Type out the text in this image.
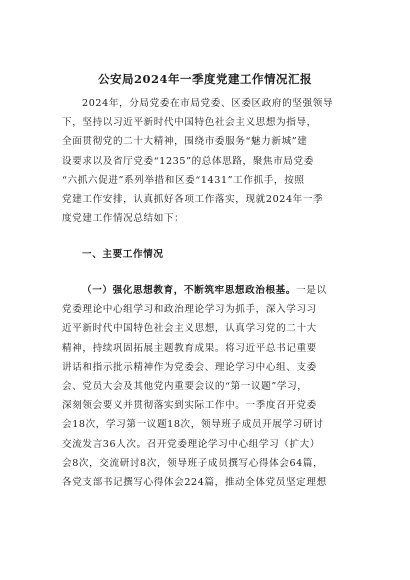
公安局2024年一季度党建工作情况汇报
2024年，分局党委在市局党委、区委区政府的坚强领导
下，坚持以习近平新时代中国特色社会主义思想为指导，
全面贯彻党的二十大精神，围绕市委服务“魅力新城”建
设要求以及省厅党委“1235”的总体思路，聚焦市局党委
“六抓六促进”系列举措和区委“1431”工作抓手，按照
党建工作安排，认真抓好各项工作落实，现就2024年一季
度党建工作情况总结如下：
一、主要工作情况
（一）强化思想教育，不断筑牢思想政治根基。一是以
党委理论中心组学习和政治理论学习为抓手，深入学习习
近平新时代中国特色社会主义思想，认真学习党的二十大
精神，持续巩固拓展主题教育成果。将习近平总书记重要
讲话和指示批示精神作为党委会、理论学习中心组、支委
会、党员大会及其他党内重要会议的“第一议题”学习，
深刻领会要义并贯彻落实到实际工作中。一季度召开党委
会18次，学习第一议题18次，领导班子成员开展学习研讨
交流发言36人次。召开党委理论学习中心组学习（扩大）
会8次，交流研讨8次，领导班子成员撰写心得体会64篇，
各党支部书记撰写心得体会224篇，推动全体党员坚定理想
